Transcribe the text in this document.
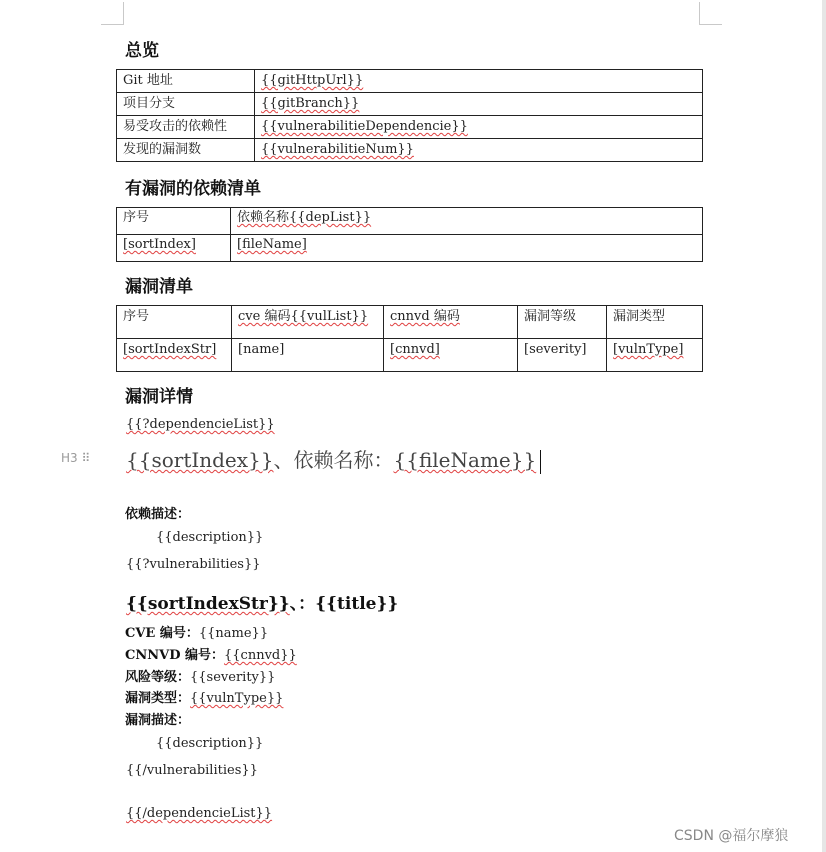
总览
Git 地址	{{gitHttpUrl}}
项目分支	{{gitBranch}}
易受攻击的依赖性	{{vulnerabilitieDependencie}}
发现的漏洞数	{{vulnerabilitieNum}}
有漏洞的依赖清单
序号	依赖名称{{depList}}
[sortIndex]	[fileName]
漏洞清单
序号	cve 编码{{vulList}}	cnnvd 编码	漏洞等级	漏洞类型
[sortIndexStr]	[name]	[cnnvd]	[severity]	[vulnType]
漏洞详情
{{?dependencieList}}
H3 ⠿ {{sortIndex}}、依赖名称：{{fileName}}
依赖描述：
{{description}}
{{?vulnerabilities}}
{{sortIndexStr}}、：{{title}}
CVE 编号：{{name}}
CNNVD 编号：{{cnnvd}}
风险等级：{{severity}}
漏洞类型：{{vulnType}}
漏洞描述：
{{description}}
{{/vulnerabilities}}
{{/dependencieList}}
CSDN @福尔摩狼
